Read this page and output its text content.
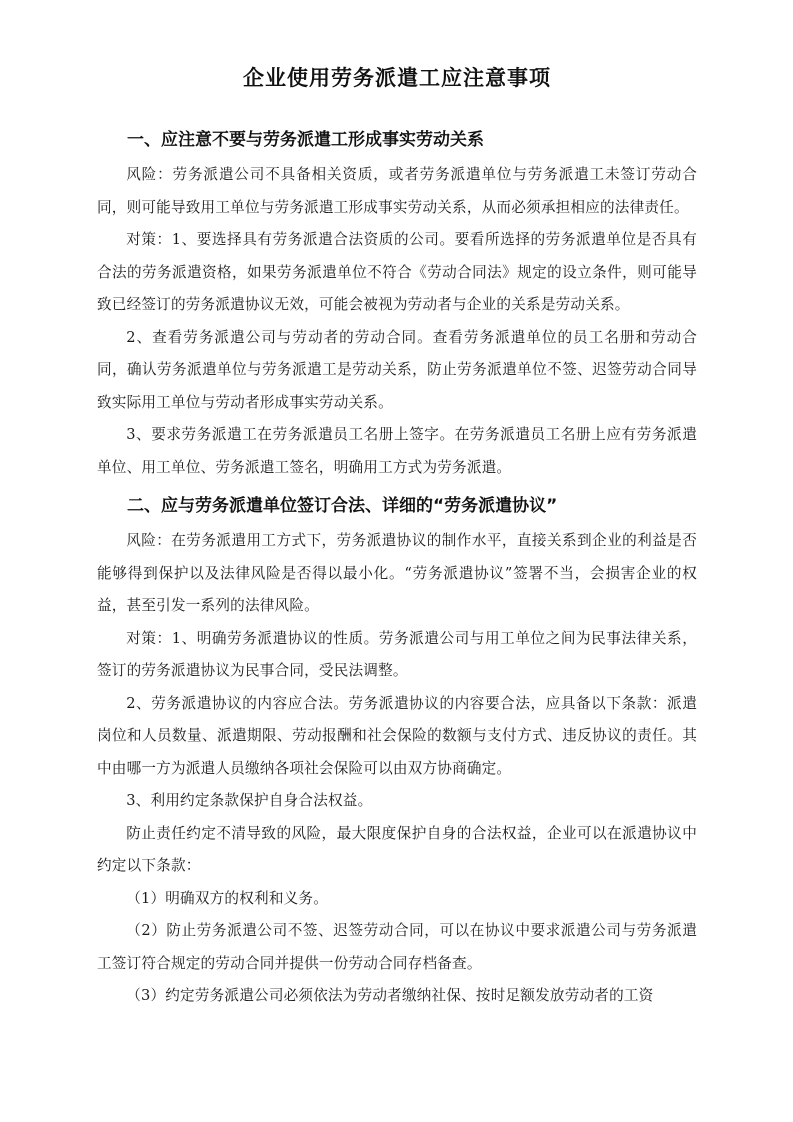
企业使用劳务派遣工应注意事项
一、应注意不要与劳务派遣工形成事实劳动关系

风险：劳务派遣公司不具备相关资质，或者劳务派遣单位与劳务派遣工未签订劳动合同，则可能导致用工单位与劳务派遣工形成事实劳动关系，从而必须承担相应的法律责任。

对策：1、要选择具有劳务派遣合法资质的公司。要看所选择的劳务派遣单位是否具有合法的劳务派遣资格，如果劳务派遣单位不符合《劳动合同法》规定的设立条件，则可能导致已经签订的劳务派遣协议无效，可能会被视为劳动者与企业的关系是劳动关系。

2、查看劳务派遣公司与劳动者的劳动合同。查看劳务派遣单位的员工名册和劳动合同，确认劳务派遣单位与劳务派遣工是劳动关系，防止劳务派遣单位不签、迟签劳动合同导致实际用工单位与劳动者形成事实劳动关系。

3、要求劳务派遣工在劳务派遣员工名册上签字。在劳务派遣员工名册上应有劳务派遣单位、用工单位、劳务派遣工签名，明确用工方式为劳务派遣。

二、应与劳务派遣单位签订合法、详细的“劳务派遣协议”

风险：在劳务派遣用工方式下，劳务派遣协议的制作水平，直接关系到企业的利益是否能够得到保护以及法律风险是否得以最小化。“劳务派遣协议”签署不当，会损害企业的权益，甚至引发一系列的法律风险。

对策：1、明确劳务派遣协议的性质。劳务派遣公司与用工单位之间为民事法律关系，签订的劳务派遣协议为民事合同，受民法调整。

2、劳务派遣协议的内容应合法。劳务派遣协议的内容要合法，应具备以下条款：派遣岗位和人员数量、派遣期限、劳动报酬和社会保险的数额与支付方式、违反协议的责任。其中由哪一方为派遣人员缴纳各项社会保险可以由双方协商确定。

3、利用约定条款保护自身合法权益。

防止责任约定不清导致的风险，最大限度保护自身的合法权益，企业可以在派遣协议中约定以下条款：

（1）明确双方的权利和义务。

（2）防止劳务派遣公司不签、迟签劳动合同，可以在协议中要求派遣公司与劳务派遣工签订符合规定的劳动合同并提供一份劳动合同存档备查。

（3）约定劳务派遣公司必须依法为劳动者缴纳社保、按时足额发放劳动者的工资
